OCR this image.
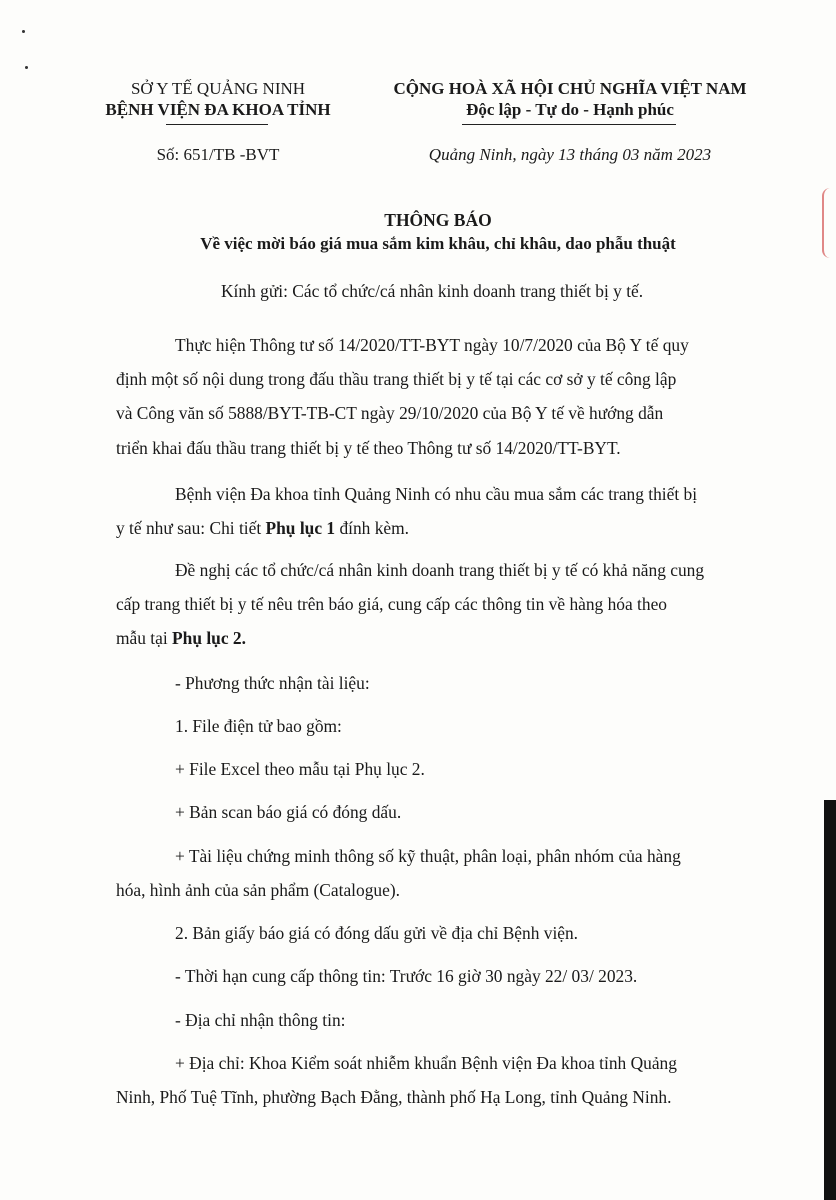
SỞ Y TẾ QUẢNG NINH
BỆNH VIỆN ĐA KHOA TỈNH
Số: 651/TB -BVT
CỘNG HOÀ XÃ HỘI CHỦ NGHĨA VIỆT NAM
Độc lập - Tự do - Hạnh phúc
Quảng Ninh, ngày 13 tháng 03 năm 2023
THÔNG BÁO
Về việc mời báo giá mua sắm kim khâu, chỉ khâu, dao phẫu thuật
Kính gửi: Các tổ chức/cá nhân kinh doanh trang thiết bị y tế.
Thực hiện Thông tư số 14/2020/TT-BYT ngày 10/7/2020 của Bộ Y tế quy
định một số nội dung trong đấu thầu trang thiết bị y tế tại các cơ sở y tế công lập
và Công văn số 5888/BYT-TB-CT ngày 29/10/2020 của Bộ Y tế về hướng dẫn
triển khai đấu thầu trang thiết bị y tế theo Thông tư số 14/2020/TT-BYT.
Bệnh viện Đa khoa tỉnh Quảng Ninh có nhu cầu mua sắm các trang thiết bị
y tế như sau: Chi tiết Phụ lục 1 đính kèm.
Đề nghị các tổ chức/cá nhân kinh doanh trang thiết bị y tế có khả năng cung
cấp trang thiết bị y tế nêu trên báo giá, cung cấp các thông tin về hàng hóa theo
mẫu tại Phụ lục 2.
- Phương thức nhận tài liệu:
1. File điện tử bao gồm:
+ File Excel theo mẫu tại Phụ lục 2.
+ Bản scan báo giá có đóng dấu.
+ Tài liệu chứng minh thông số kỹ thuật, phân loại, phân nhóm của hàng
hóa, hình ảnh của sản phẩm (Catalogue).
2. Bản giấy báo giá có đóng dấu gửi về địa chỉ Bệnh viện.
- Thời hạn cung cấp thông tin: Trước 16 giờ 30 ngày 22/ 03/ 2023.
- Địa chỉ nhận thông tin:
+ Địa chỉ: Khoa Kiểm soát nhiễm khuẩn Bệnh viện Đa khoa tỉnh Quảng
Ninh, Phố Tuệ Tĩnh, phường Bạch Đằng, thành phố Hạ Long, tỉnh Quảng Ninh.
